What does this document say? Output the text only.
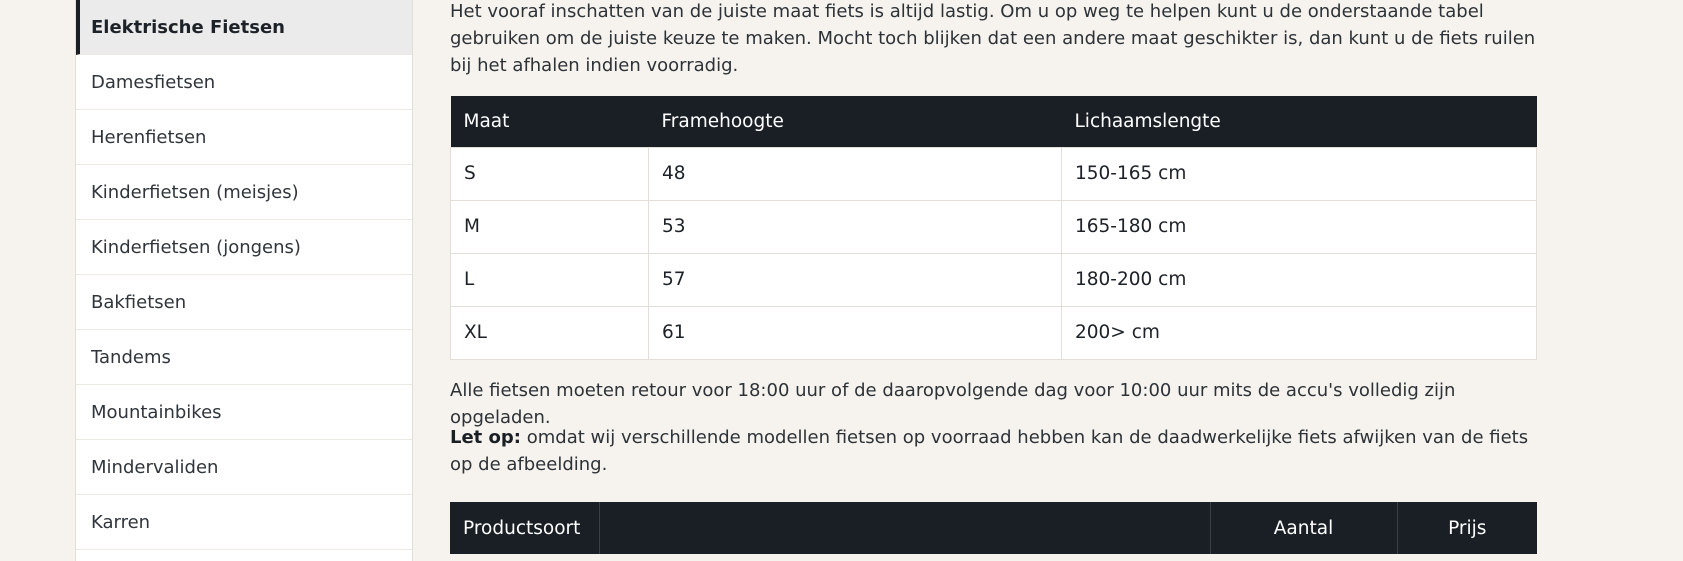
Elektrische Fietsen
Damesfietsen
Herenfietsen
Kinderfietsen (meisjes)
Kinderfietsen (jongens)
Bakfietsen
Tandems
Mountainbikes
Mindervaliden
Karren

Het vooraf inschatten van de juiste maat fiets is altijd lastig. Om u op weg te helpen kunt u de onderstaande tabel gebruiken om de juiste keuze te maken. Mocht toch blijken dat een andere maat geschikter is, dan kunt u de fiets ruilen bij het afhalen indien voorradig.

Maat	Framehoogte	Lichaamslengte
S	48	150-165 cm
M	53	165-180 cm
L	57	180-200 cm
XL	61	200> cm

Alle fietsen moeten retour voor 18:00 uur of de daaropvolgende dag voor 10:00 uur mits de accu's volledig zijn opgeladen.

Let op: omdat wij verschillende modellen fietsen op voorraad hebben kan de daadwerkelijke fiets afwijken van de fiets op de afbeelding.

Productsoort		Aantal	Prijs
